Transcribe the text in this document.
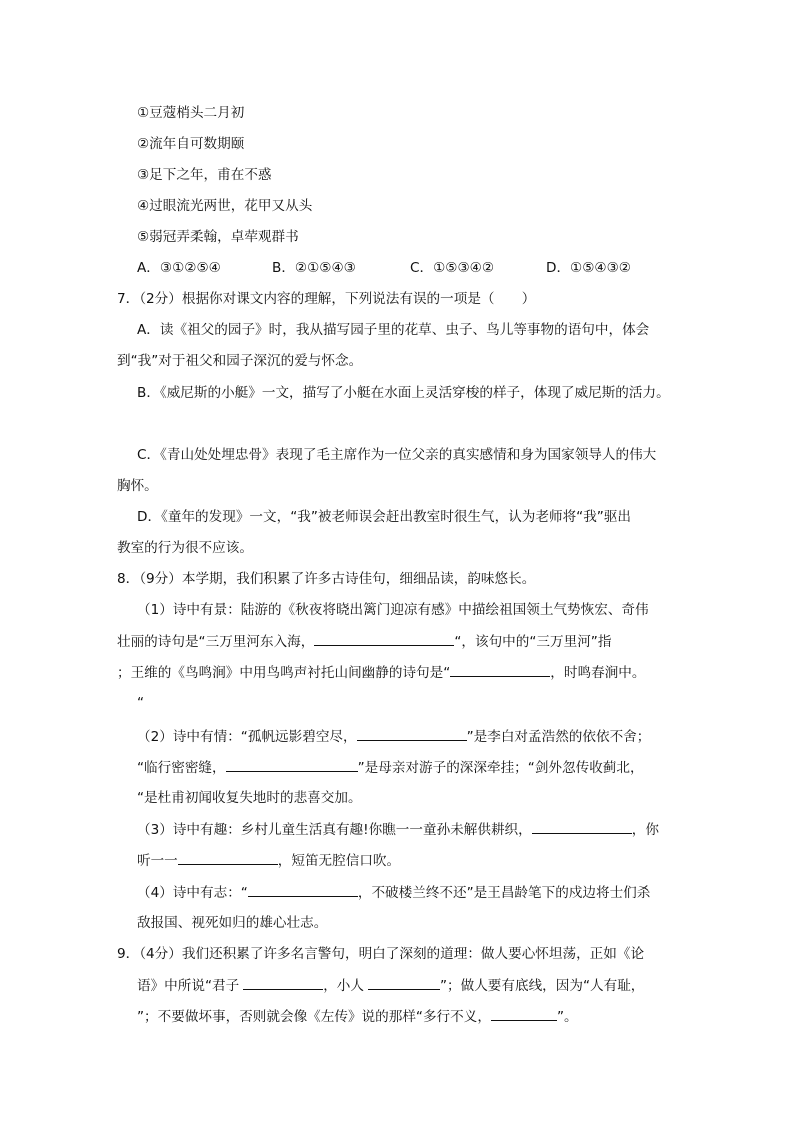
①豆蔻梢头二月初
②流年自可数期颐
③足下之年，甫在不惑
④过眼流光两世，花甲又从头
⑤弱冠弄柔翰，卓荦观群书
A．③①②⑤④	B．②①⑤④③	C．①⑤③④②	D．①⑤④③②
7．（2分）根据你对课文内容的理解，下列说法有误的一项是（　　）
A．读《祖父的园子》时，我从描写园子里的花草、虫子、鸟儿等事物的语句中，体会
到“我”对于祖父和园子深沉的爱与怀念。
B．《威尼斯的小艇》一文，描写了小艇在水面上灵活穿梭的样子，体现了威尼斯的活力。
C．《青山处处埋忠骨》表现了毛主席作为一位父亲的真实感情和身为国家领导人的伟大
胸怀。
D．《童年的发现》一文，“我”被老师误会赶出教室时很生气，认为老师将“我”驱出
教室的行为很不应该。
8．（9分）本学期，我们积累了许多古诗佳句，细细品读，韵味悠长。
（1）诗中有景：陆游的《秋夜将晓出篱门迎凉有感》中描绘祖国领土气势恢宏、奇伟
壮丽的诗句是“三万里河东入海，	“，该句中的“三万里河”指
；王维的《鸟鸣涧》中用鸟鸣声衬托山间幽静的诗句是“	，时鸣春涧中。
“
（2）诗中有情：“孤帆远影碧空尽，	”是李白对孟浩然的依依不舍；
“临行密密缝，	”是母亲对游子的深深牵挂；“剑外忽传收蓟北，
“是杜甫初闻收复失地时的悲喜交加。
（3）诗中有趣：乡村儿童生活真有趣!你瞧一一童孙未解供耕织，	，你
听一一	，短笛无腔信口吹。
（4）诗中有志：“	，不破楼兰终不还”是王昌龄笔下的戍边将士们杀
敌报国、视死如归的雄心壮志。
9．（4分）我们还积累了许多名言警句，明白了深刻的道理：做人要心怀坦荡，正如《论
语》中所说“君子	，小人	”；做人要有底线，因为“人有耻，
”；不要做坏事，否则就会像《左传》说的那样“多行不义，	”。
